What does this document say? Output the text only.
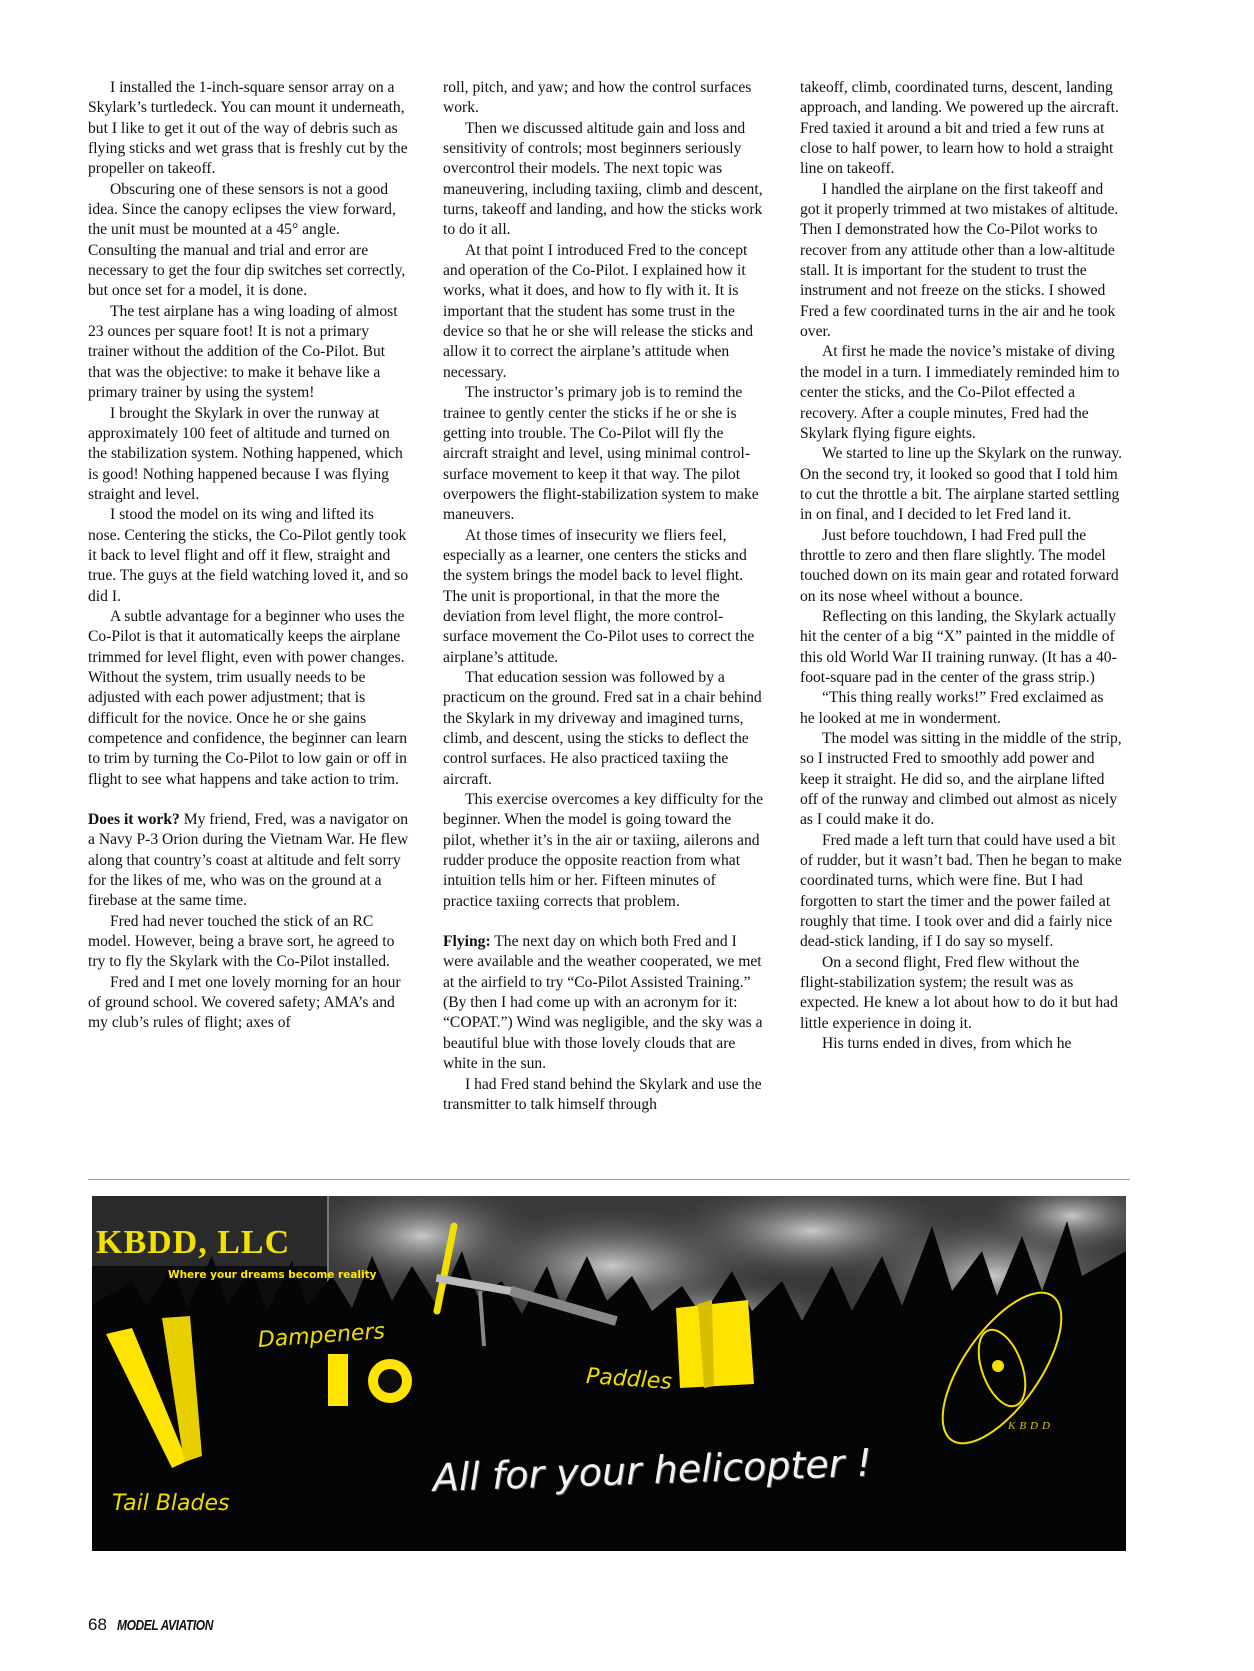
I installed the 1-inch-square sensor array on a Skylark’s turtledeck. You can mount it underneath, but I like to get it out of the way of debris such as flying sticks and wet grass that is freshly cut by the propeller on takeoff.

Obscuring one of these sensors is not a good idea. Since the canopy eclipses the view forward, the unit must be mounted at a 45° angle. Consulting the manual and trial and error are necessary to get the four dip switches set correctly, but once set for a model, it is done.

The test airplane has a wing loading of almost 23 ounces per square foot! It is not a primary trainer without the addition of the Co-Pilot. But that was the objective: to make it behave like a primary trainer by using the system!

I brought the Skylark in over the runway at approximately 100 feet of altitude and turned on the stabilization system. Nothing happened, which is good! Nothing happened because I was flying straight and level.

I stood the model on its wing and lifted its nose. Centering the sticks, the Co-Pilot gently took it back to level flight and off it flew, straight and true. The guys at the field watching loved it, and so did I.

A subtle advantage for a beginner who uses the Co-Pilot is that it automatically keeps the airplane trimmed for level flight, even with power changes. Without the system, trim usually needs to be adjusted with each power adjustment; that is difficult for the novice. Once he or she gains competence and confidence, the beginner can learn to trim by turning the Co-Pilot to low gain or off in flight to see what happens and take action to trim.

Does it work? My friend, Fred, was a navigator on a Navy P-3 Orion during the Vietnam War. He flew along that country’s coast at altitude and felt sorry for the likes of me, who was on the ground at a firebase at the same time.

Fred had never touched the stick of an RC model. However, being a brave sort, he agreed to try to fly the Skylark with the Co-Pilot installed.

Fred and I met one lovely morning for an hour of ground school. We covered safety; AMA’s and my club’s rules of flight; axes of

roll, pitch, and yaw; and how the control surfaces work.

Then we discussed altitude gain and loss and sensitivity of controls; most beginners seriously overcontrol their models. The next topic was maneuvering, including taxiing, climb and descent, turns, takeoff and landing, and how the sticks work to do it all.

At that point I introduced Fred to the concept and operation of the Co-Pilot. I explained how it works, what it does, and how to fly with it. It is important that the student has some trust in the device so that he or she will release the sticks and allow it to correct the airplane’s attitude when necessary.

The instructor’s primary job is to remind the trainee to gently center the sticks if he or she is getting into trouble. The Co-Pilot will fly the aircraft straight and level, using minimal control-surface movement to keep it that way. The pilot overpowers the flight-stabilization system to make maneuvers.

At those times of insecurity we fliers feel, especially as a learner, one centers the sticks and the system brings the model back to level flight. The unit is proportional, in that the more the deviation from level flight, the more control-surface movement the Co-Pilot uses to correct the airplane’s attitude.

That education session was followed by a practicum on the ground. Fred sat in a chair behind the Skylark in my driveway and imagined turns, climb, and descent, using the sticks to deflect the control surfaces. He also practiced taxiing the aircraft.

This exercise overcomes a key difficulty for the beginner. When the model is going toward the pilot, whether it’s in the air or taxiing, ailerons and rudder produce the opposite reaction from what intuition tells him or her. Fifteen minutes of practice taxiing corrects that problem.

Flying: The next day on which both Fred and I were available and the weather cooperated, we met at the airfield to try “Co-Pilot Assisted Training.” (By then I had come up with an acronym for it: “COPAT.”) Wind was negligible, and the sky was a beautiful blue with those lovely clouds that are white in the sun.

I had Fred stand behind the Skylark and use the transmitter to talk himself through

takeoff, climb, coordinated turns, descent, landing approach, and landing. We powered up the aircraft. Fred taxied it around a bit and tried a few runs at close to half power, to learn how to hold a straight line on takeoff.

I handled the airplane on the first takeoff and got it properly trimmed at two mistakes of altitude. Then I demonstrated how the Co-Pilot works to recover from any attitude other than a low-altitude stall. It is important for the student to trust the instrument and not freeze on the sticks. I showed Fred a few coordinated turns in the air and he took over.

At first he made the novice’s mistake of diving the model in a turn. I immediately reminded him to center the sticks, and the Co-Pilot effected a recovery. After a couple minutes, Fred had the Skylark flying figure eights.

We started to line up the Skylark on the runway. On the second try, it looked so good that I told him to cut the throttle a bit. The airplane started settling in on final, and I decided to let Fred land it.

Just before touchdown, I had Fred pull the throttle to zero and then flare slightly. The model touched down on its main gear and rotated forward on its nose wheel without a bounce.

Reflecting on this landing, the Skylark actually hit the center of a big “X” painted in the middle of this old World War II training runway. (It has a 40-foot-square pad in the center of the grass strip.)

“This thing really works!” Fred exclaimed as he looked at me in wonderment.

The model was sitting in the middle of the strip, so I instructed Fred to smoothly add power and keep it straight. He did so, and the airplane lifted off of the runway and climbed out almost as nicely as I could make it do.

Fred made a left turn that could have used a bit of rudder, but it wasn’t bad. Then he began to make coordinated turns, which were fine. But I had forgotten to start the timer and the power failed at roughly that time. I took over and did a fairly nice dead-stick landing, if I do say so myself.

On a second flight, Fred flew without the flight-stabilization system; the result was as expected. He knew a lot about how to do it but had little experience in doing it.

His turns ended in dives, from which he

KBDD, LLC
Where your dreams become reality
Dampeners
Paddles
Tail Blades
All for your helicopter !
KBDD
68 MODEL AVIATION
